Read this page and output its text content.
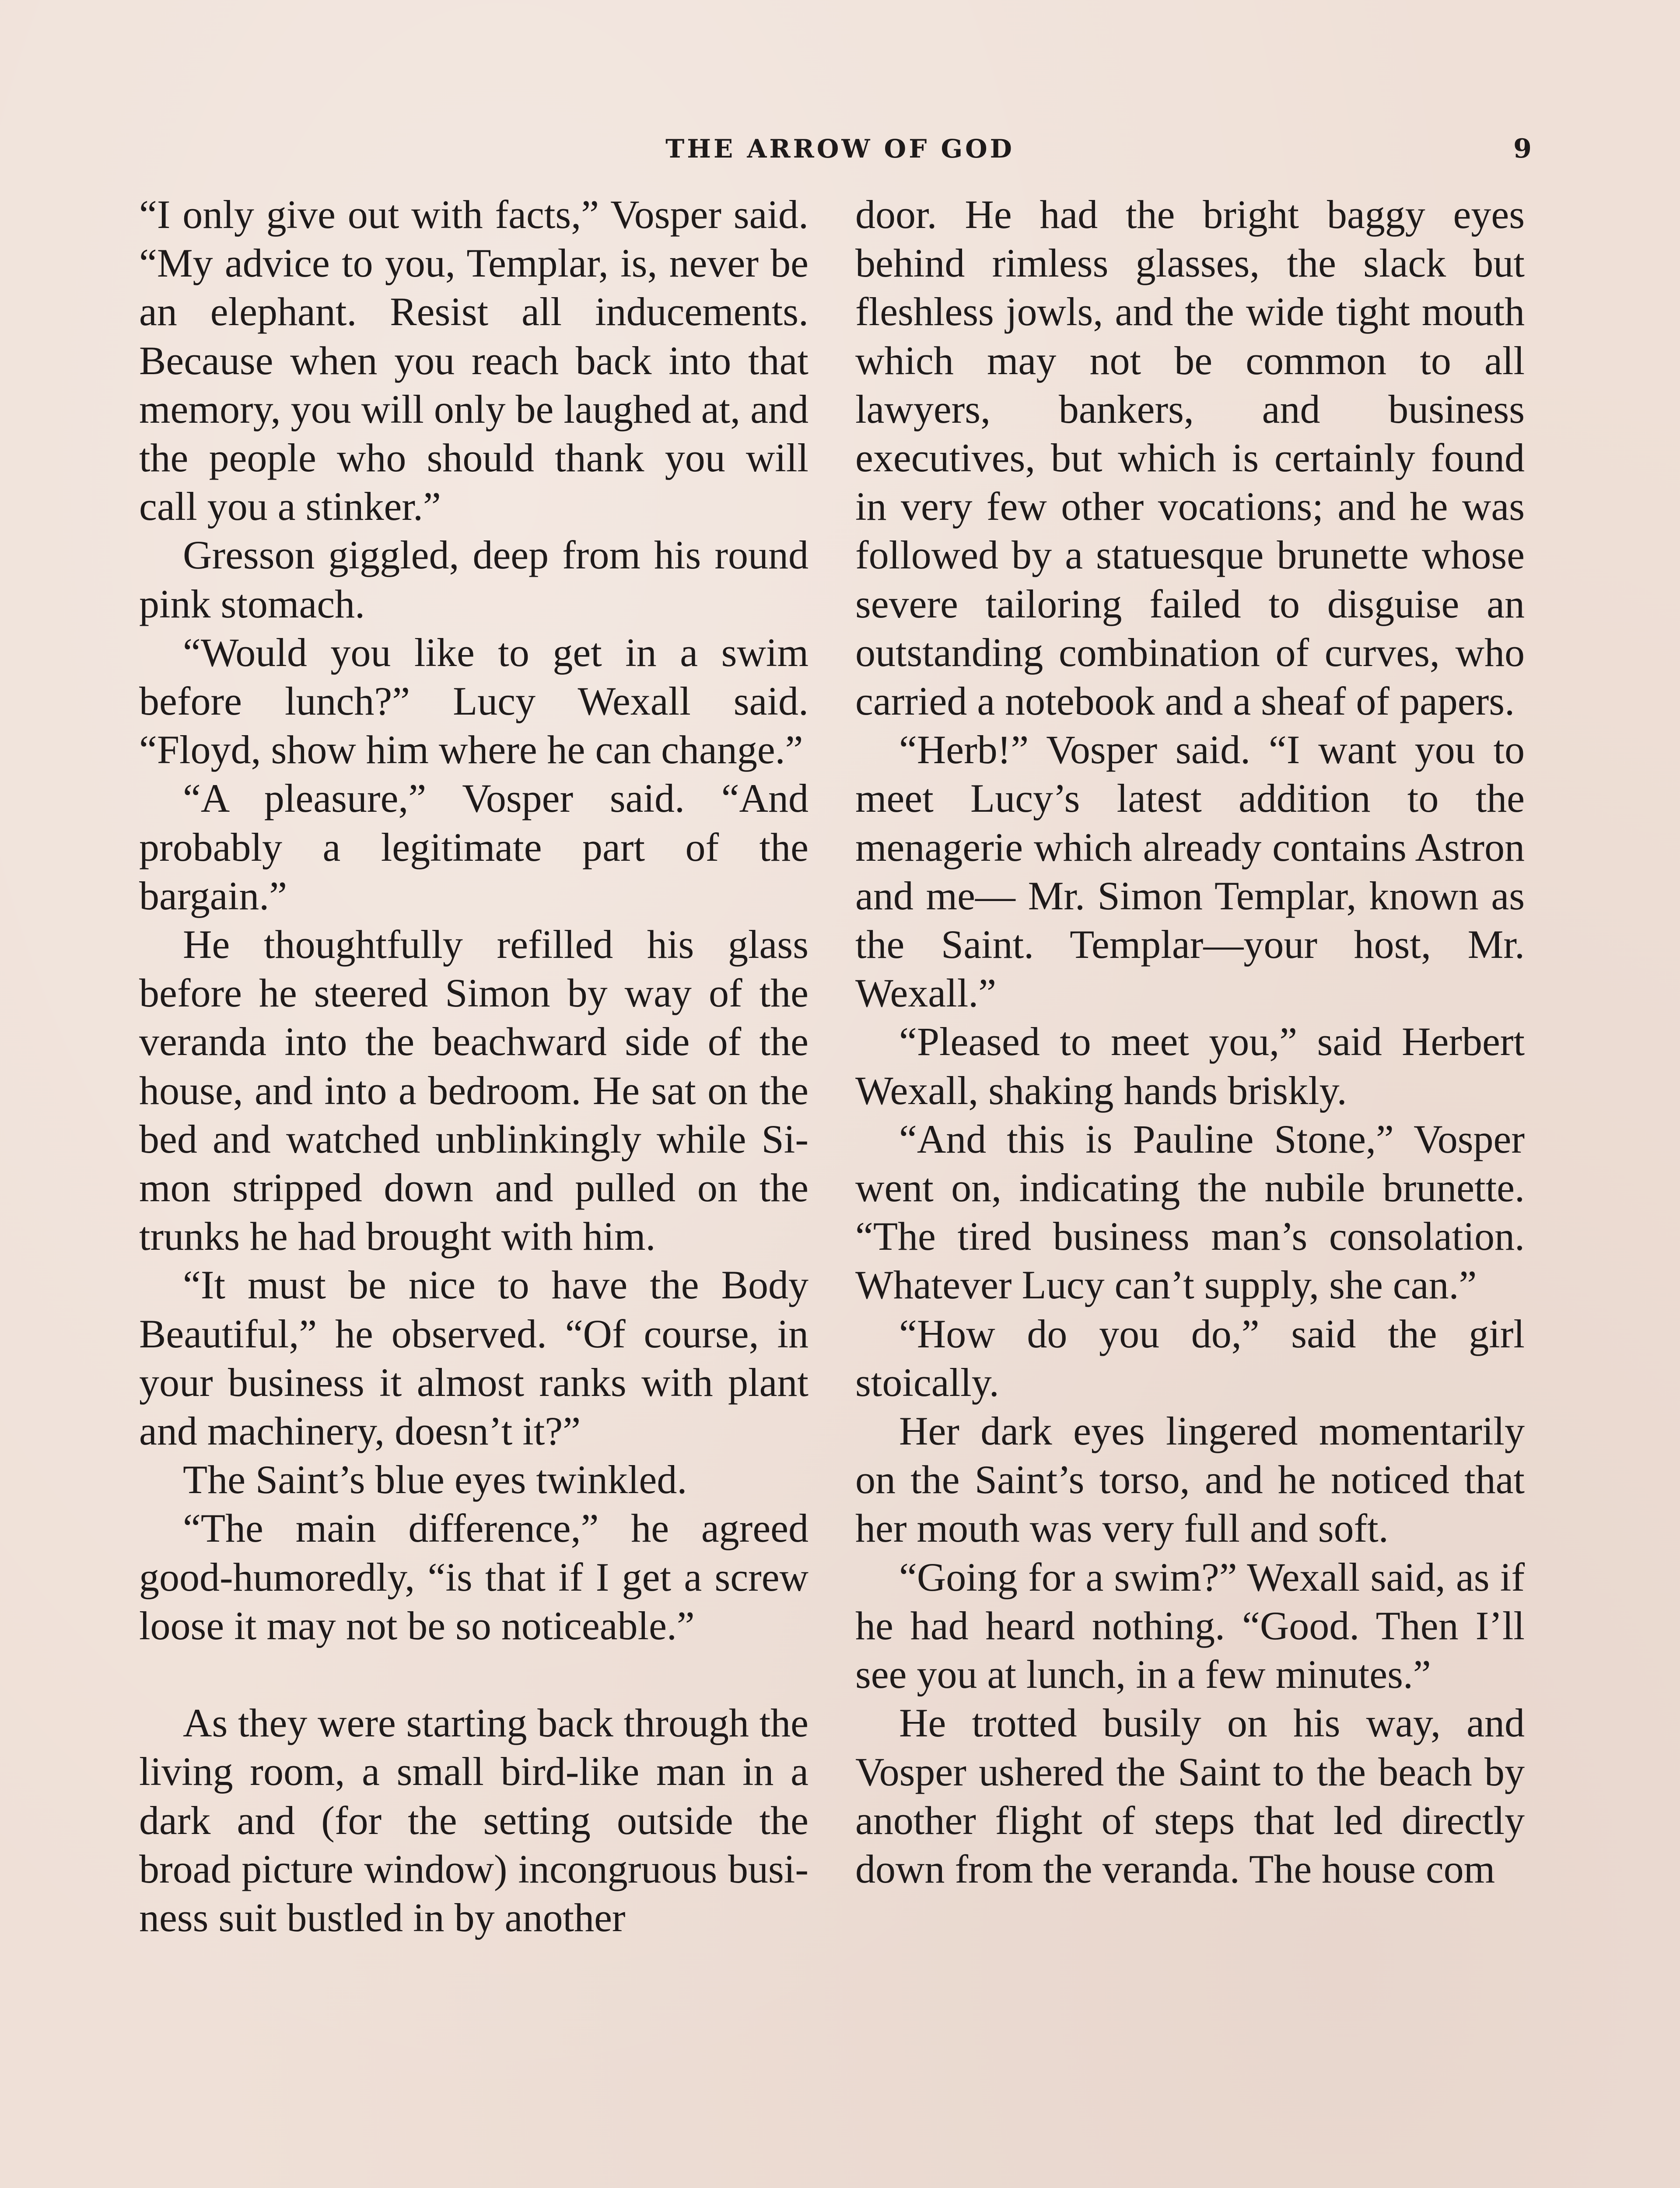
THE ARROW OF GOD	9

“I only give out with facts,” Vosper said. “My advice to you, Templar, is, never be an elephant. Resist all inducements. Because when you reach back into that memory, you will only be laughed at, and the people who should thank you will call you a stinker.”

Gresson giggled, deep from his round pink stomach.

“Would you like to get in a swim before lunch?” Lucy Wexall said. “Floyd, show him where he can change.”

“A pleasure,” Vosper said. “And probably a legitimate part of the bargain.”

He thoughtfully refilled his glass before he steered Simon by way of the veranda into the beachward side of the house, and into a bedroom. He sat on the bed and watched unblinkingly while Simon stripped down and pulled on the trunks he had brought with him.

“It must be nice to have the Body Beautiful,” he observed. “Of course, in your business it almost ranks with plant and machinery, doesn’t it?”

The Saint’s blue eyes twinkled.

“The main difference,” he agreed good-humoredly, “is that if I get a screw loose it may not be so noticeable.”

As they were starting back through the living room, a small bird-like man in a dark and (for the setting outside the broad picture window) incongruous business suit bustled in by another

door. He had the bright baggy eyes behind rimless glasses, the slack but fleshless jowls, and the wide tight mouth which may not be common to all lawyers, bankers, and business executives, but which is certainly found in very few other vocations; and he was followed by a statuesque brunette whose severe tailoring failed to disguise an outstanding combination of curves, who carried a notebook and a sheaf of papers.

“Herb!” Vosper said. “I want you to meet Lucy’s latest addition to the menagerie which already contains Astron and me— Mr. Simon Templar, known as the Saint. Templar—your host, Mr. Wexall.”

“Pleased to meet you,” said Herbert Wexall, shaking hands briskly.

“And this is Pauline Stone,” Vosper went on, indicating the nubile brunette. “The tired business man’s consolation. Whatever Lucy can’t supply, she can.”

“How do you do,” said the girl stoically.

Her dark eyes lingered momentarily on the Saint’s torso, and he noticed that her mouth was very full and soft.

“Going for a swim?” Wexall said, as if he had heard nothing. “Good. Then I’ll see you at lunch, in a few minutes.”

He trotted busily on his way, and Vosper ushered the Saint to the beach by another flight of steps that led directly down from the veranda. The house com
